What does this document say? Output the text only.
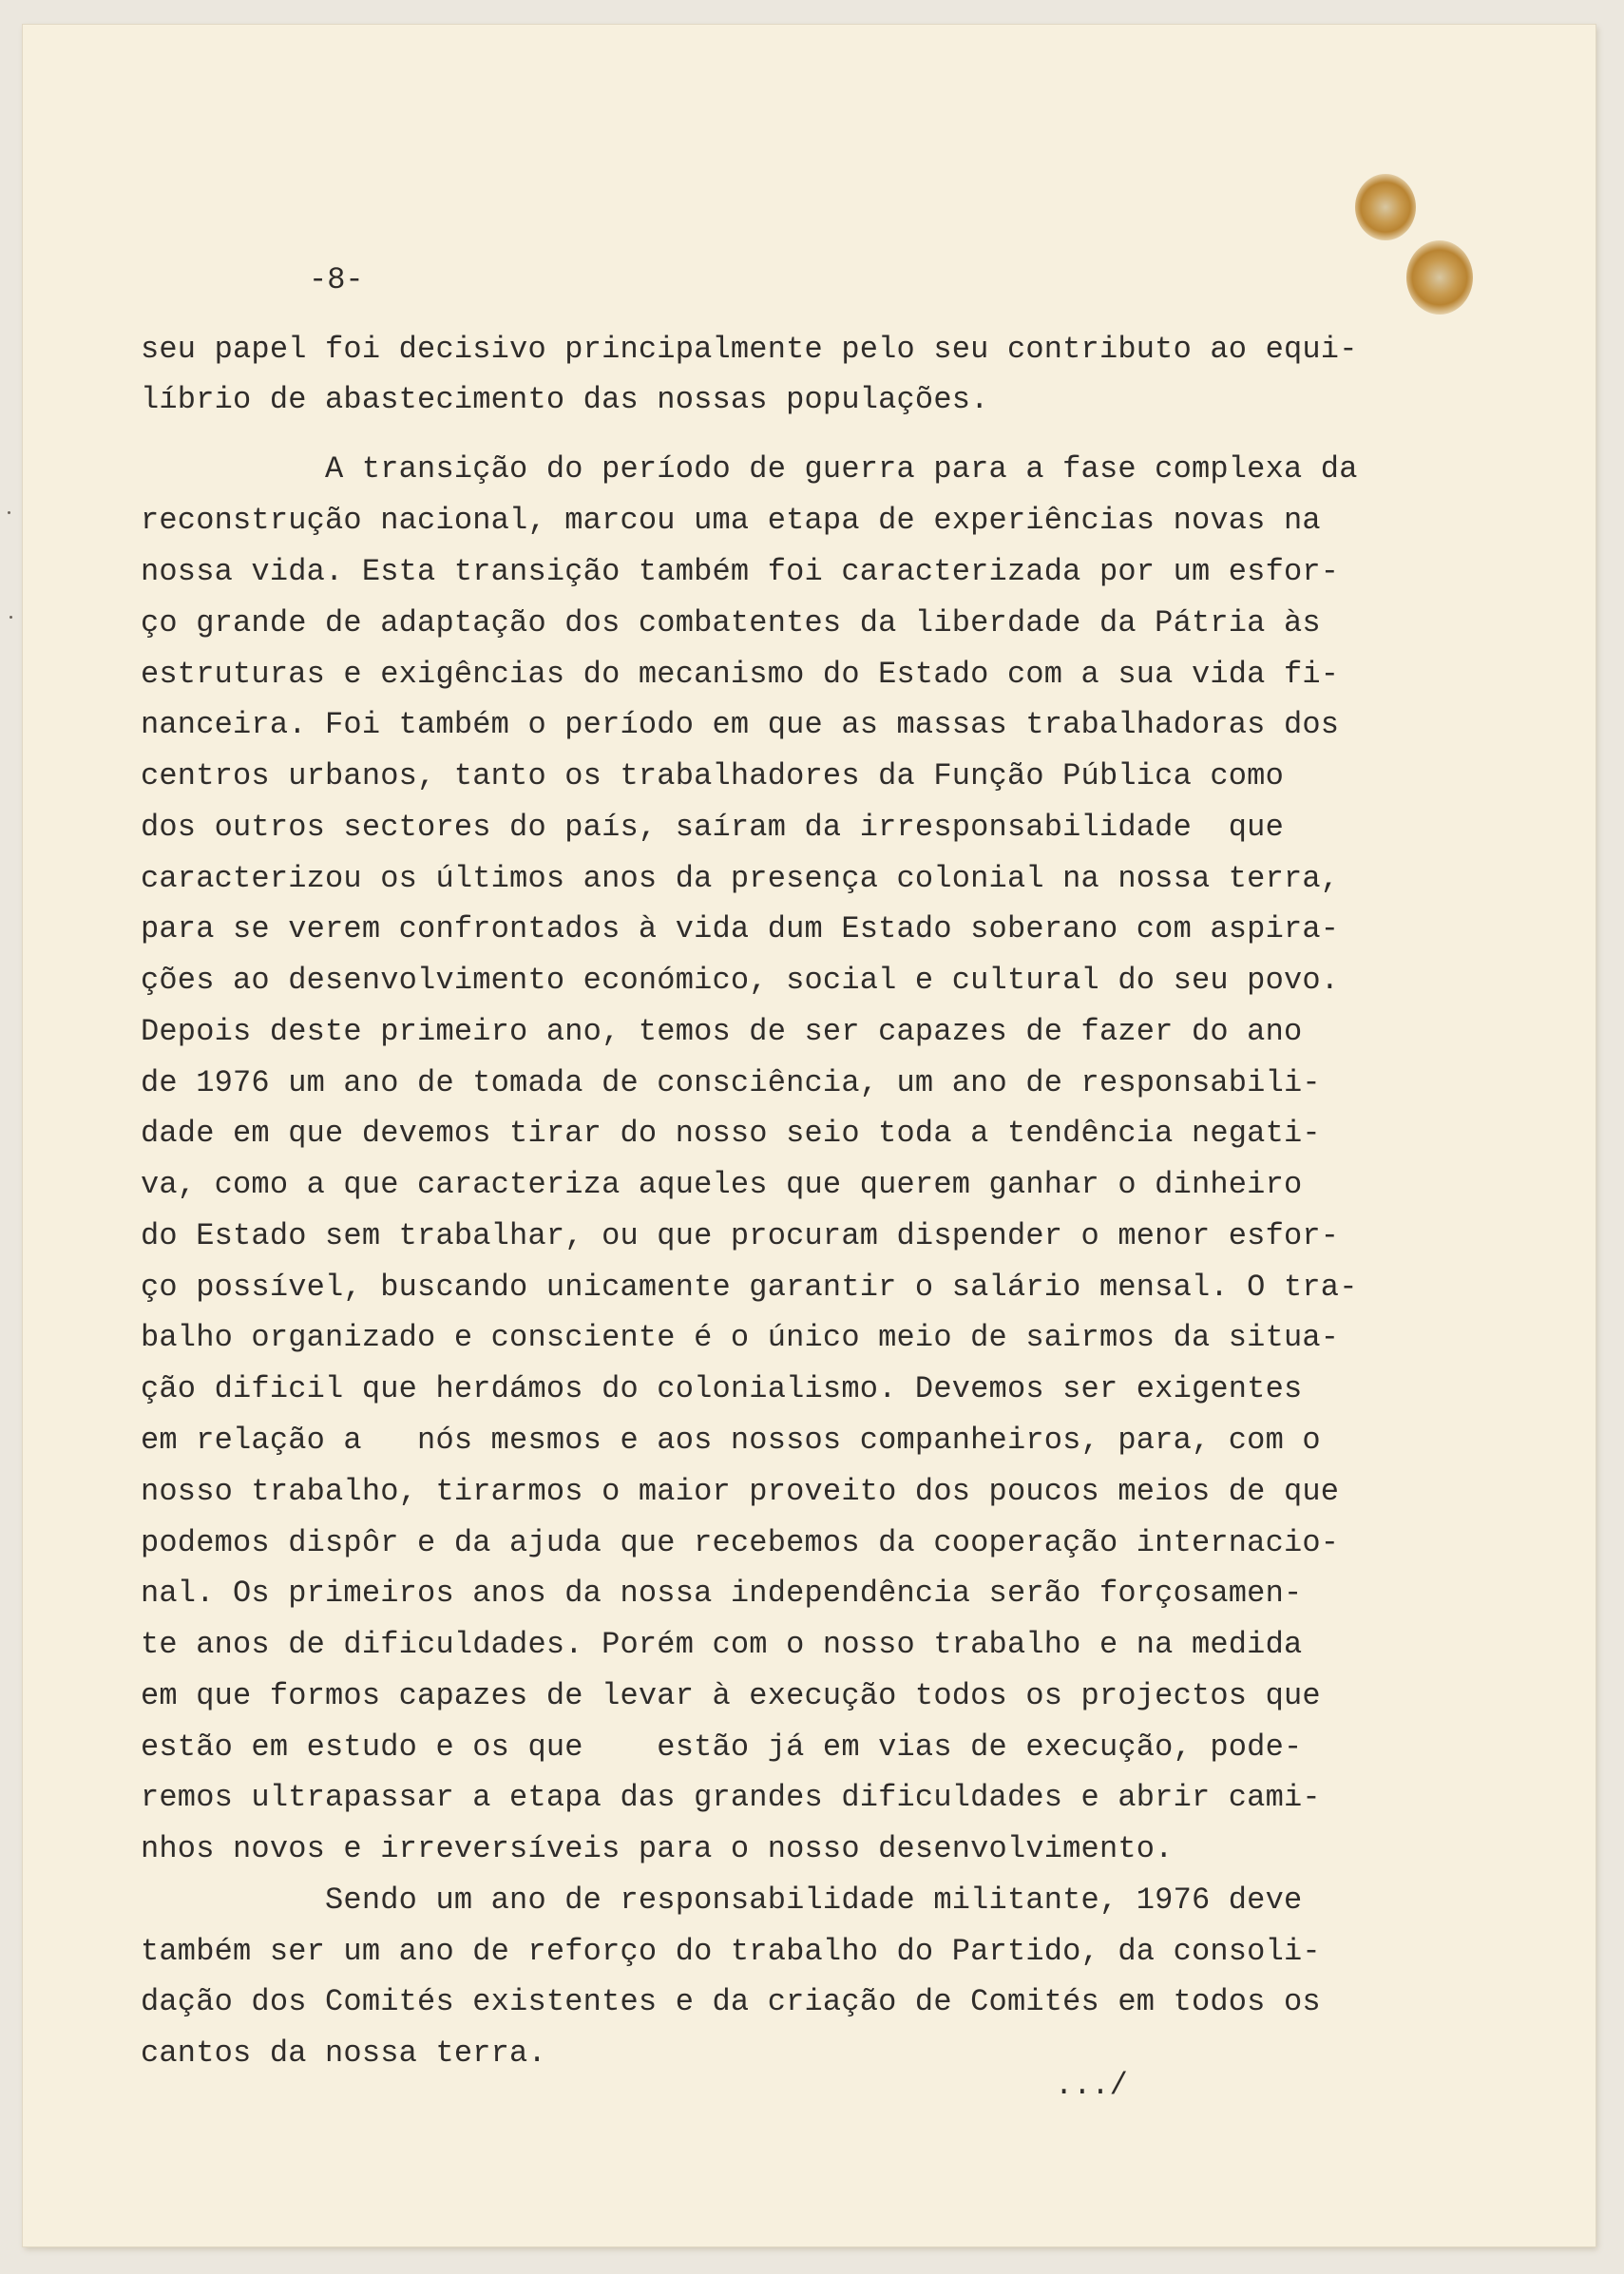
-8-

seu papel foi decisivo principalmente pelo seu contributo ao equi-

líbrio de abastecimento das nossas populações.

A transição do período de guerra para a fase complexa da

reconstrução nacional, marcou uma etapa de experiências novas na

nossa vida. Esta transição também foi caracterizada por um esfor-

ço grande de adaptação dos combatentes da liberdade da Pátria às

estruturas e exigências do mecanismo do Estado com a sua vida fi-

nanceira. Foi também o período em que as massas trabalhadoras dos

centros urbanos, tanto os trabalhadores da Função Pública como

dos outros sectores do país, saíram da irresponsabilidade  que

caracterizou os últimos anos da presença colonial na nossa terra,

para se verem confrontados à vida dum Estado soberano com aspira-

ções ao desenvolvimento económico, social e cultural do seu povo.

Depois deste primeiro ano, temos de ser capazes de fazer do ano

de 1976 um ano de tomada de consciência, um ano de responsabili-

dade em que devemos tirar do nosso seio toda a tendência negati-

va, como a que caracteriza aqueles que querem ganhar o dinheiro

do Estado sem trabalhar, ou que procuram dispender o menor esfor-

ço possível, buscando unicamente garantir o salário mensal. O tra-

balho organizado e consciente é o único meio de sairmos da situa-

ção dificil que herdámos do colonialismo. Devemos ser exigentes

em relação a   nós mesmos e aos nossos companheiros, para, com o

nosso trabalho, tirarmos o maior proveito dos poucos meios de que

podemos dispôr e da ajuda que recebemos da cooperação internacio-

nal. Os primeiros anos da nossa independência serão forçosamen-

te anos de dificuldades. Porém com o nosso trabalho e na medida

em que formos capazes de levar à execução todos os projectos que

estão em estudo e os que    estão já em vias de execução, pode-

remos ultrapassar a etapa das grandes dificuldades e abrir cami-

nhos novos e irreversíveis para o nosso desenvolvimento.

Sendo um ano de responsabilidade militante, 1976 deve

também ser um ano de reforço do trabalho do Partido, da consoli-

dação dos Comités existentes e da criação de Comités em todos os

cantos da nossa terra.

.../
